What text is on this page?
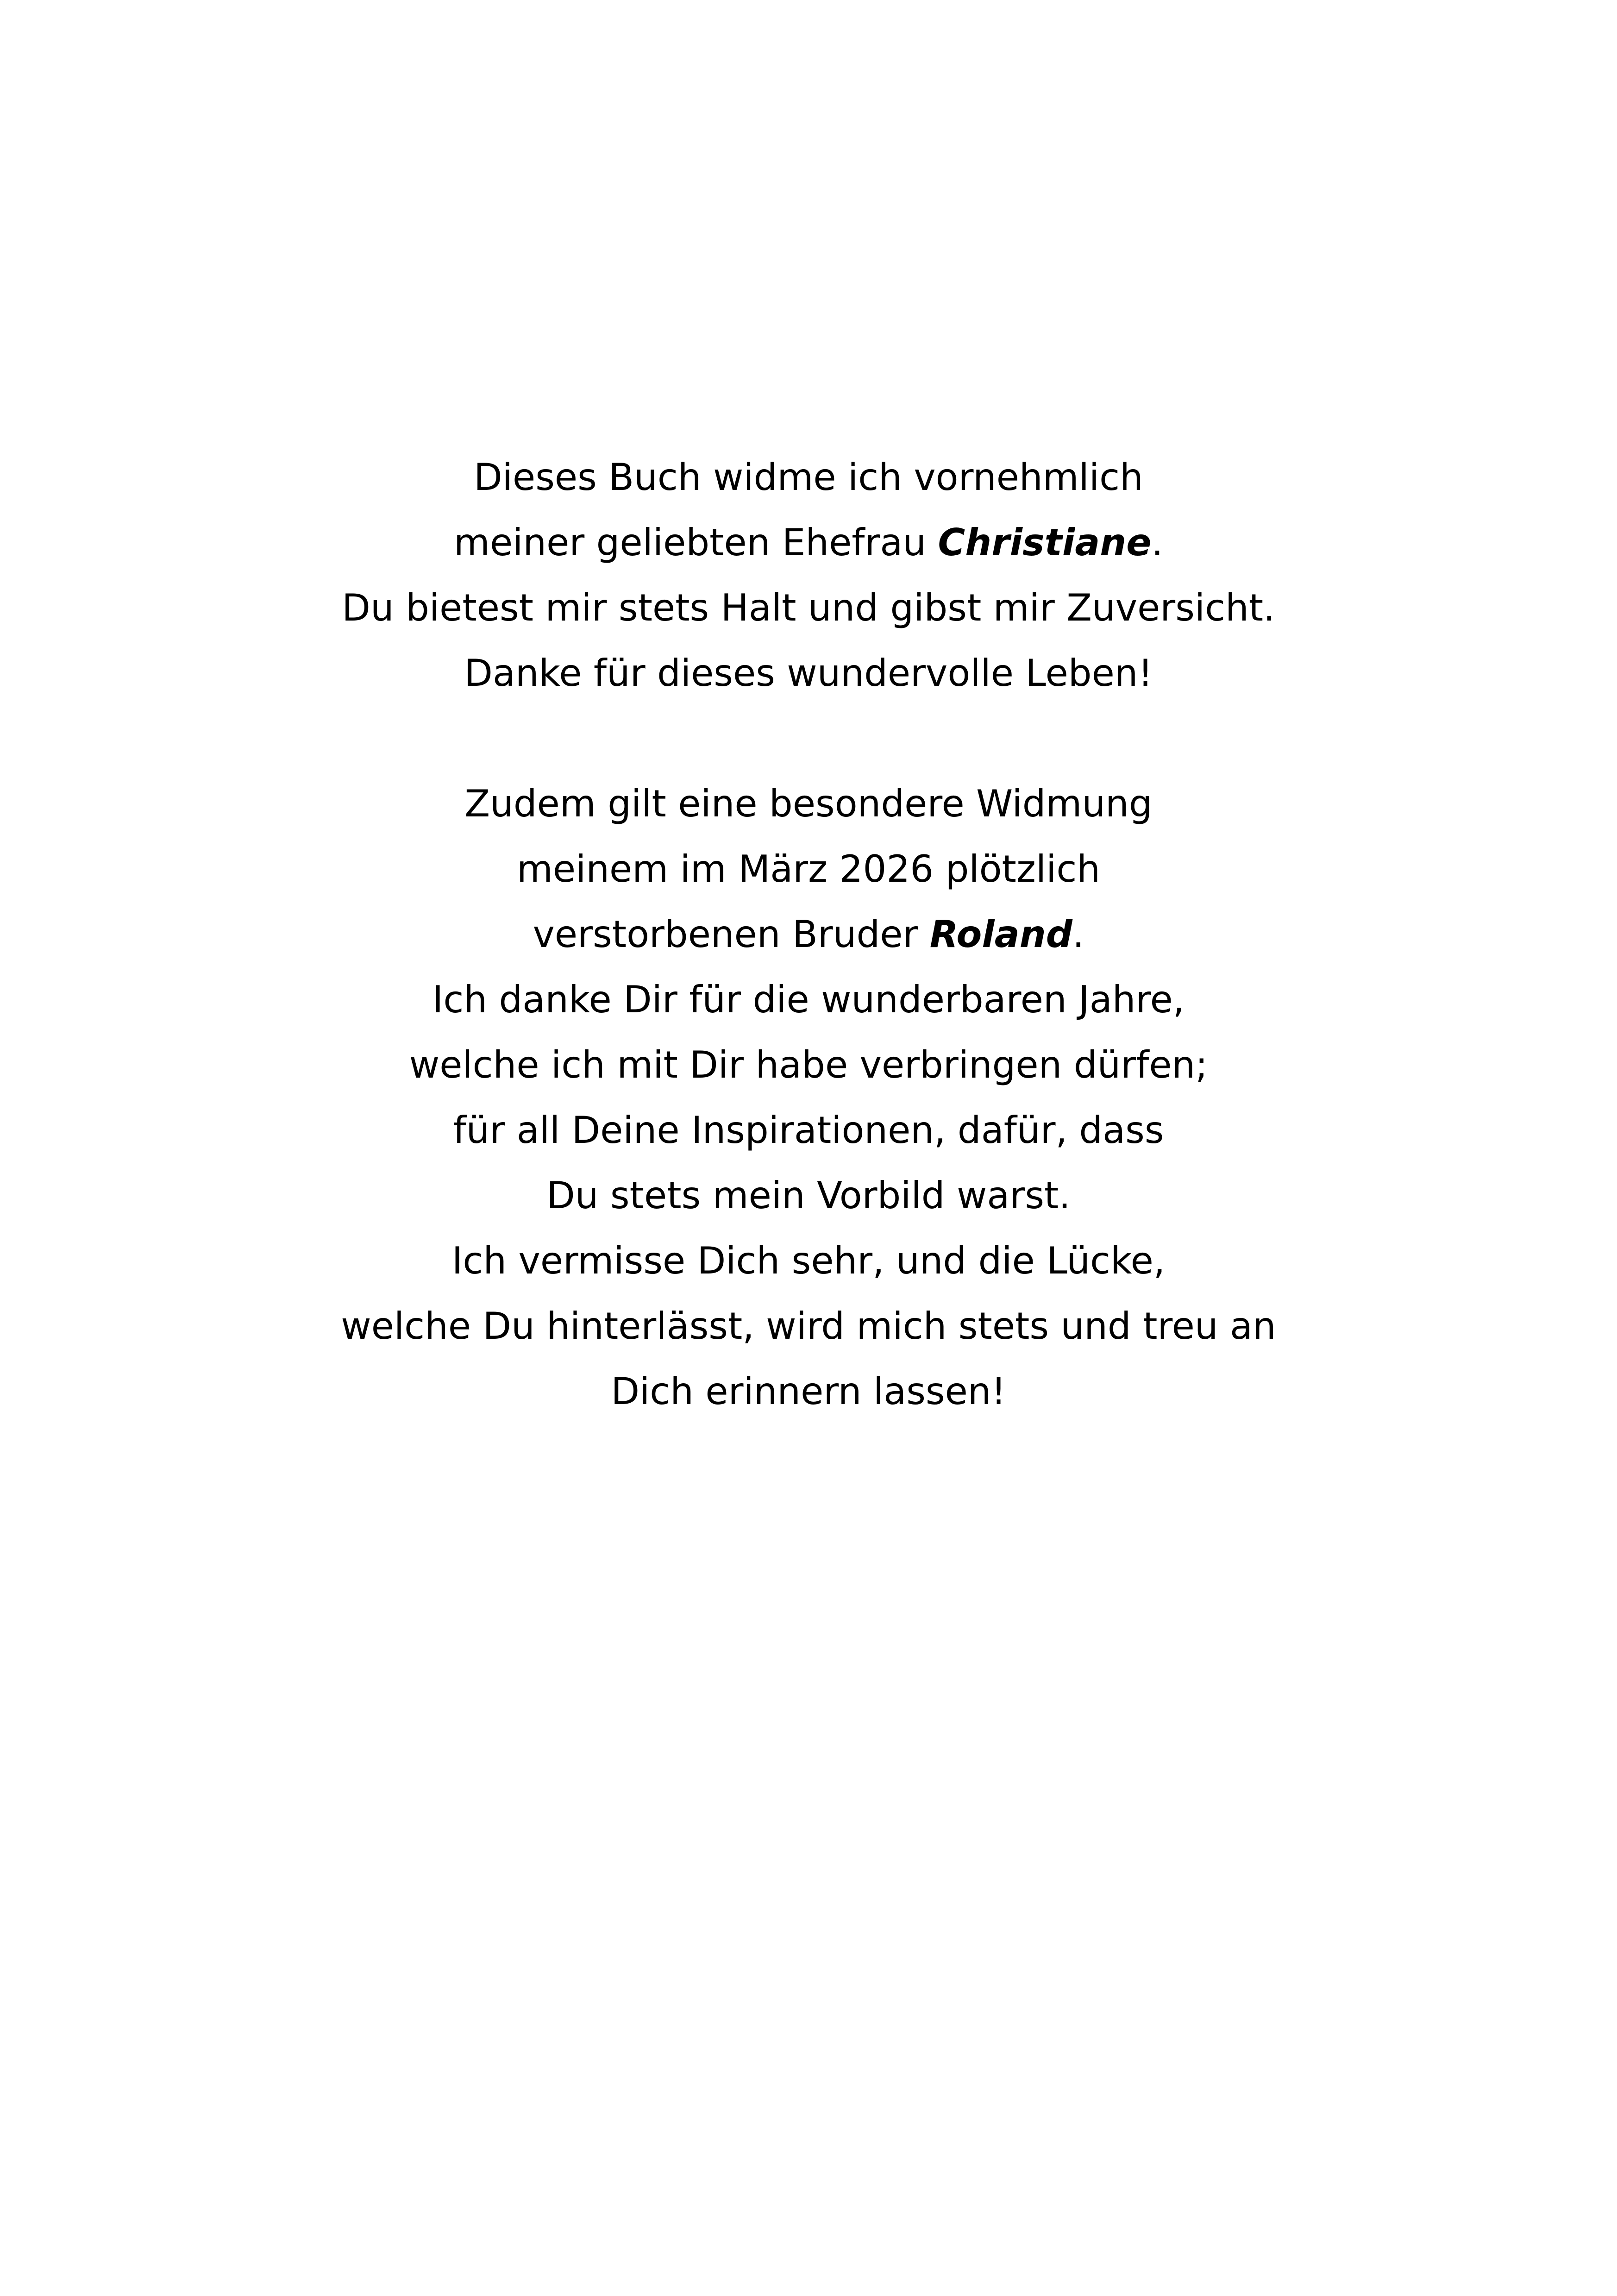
Dieses Buch widme ich vornehmlich
meiner geliebten Ehefrau Christiane.
Du bietest mir stets Halt und gibst mir Zuversicht.
Danke für dieses wundervolle Leben!
Zudem gilt eine besondere Widmung
meinem im März 2026 plötzlich
verstorbenen Bruder Roland.
Ich danke Dir für die wunderbaren Jahre,
welche ich mit Dir habe verbringen dürfen;
für all Deine Inspirationen, dafür, dass
Du stets mein Vorbild warst.
Ich vermisse Dich sehr, und die Lücke,
welche Du hinterlässt, wird mich stets und treu an
Dich erinnern lassen!
